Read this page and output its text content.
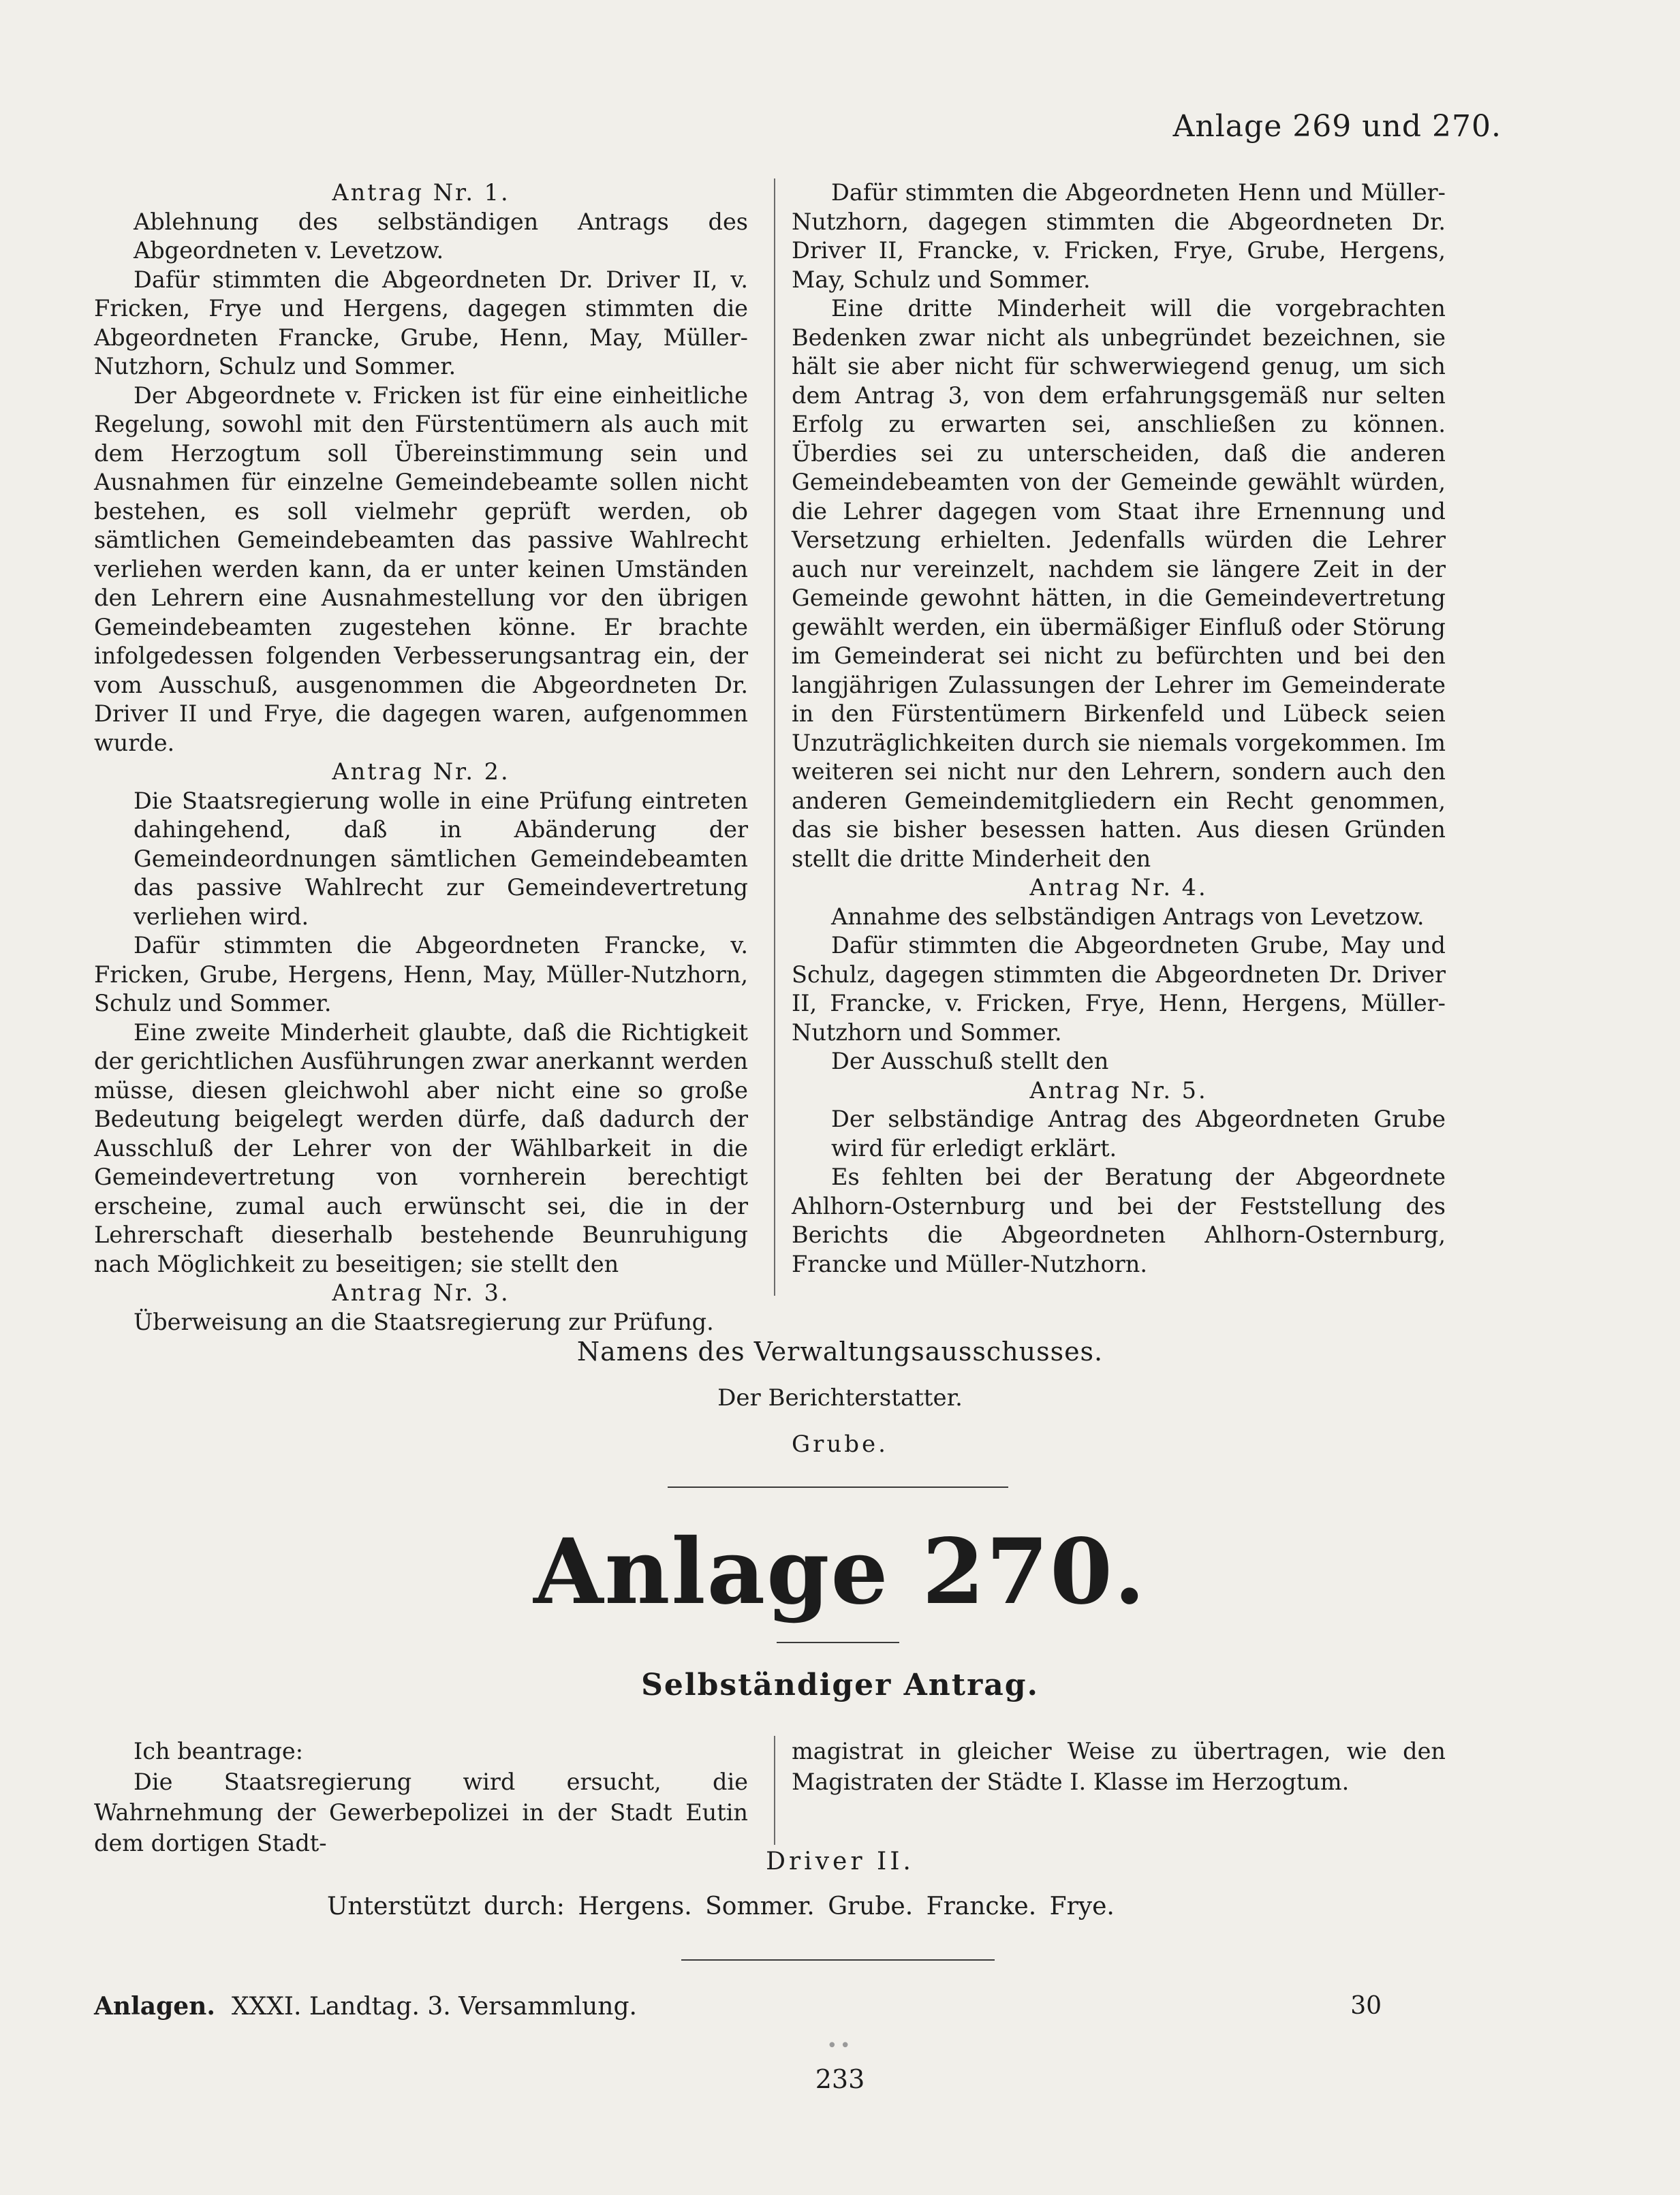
Anlage 269 und 270.

Antrag Nr. 1.

Ablehnung des selbständigen Antrags des Abgeordneten v. Levetzow.

Dafür stimmten die Abgeordneten Dr. Driver II, v. Fricken, Frye und Hergens, dagegen stimmten die Abgeordneten Francke, Grube, Henn, May, Müller-Nutzhorn, Schulz und Sommer.

Der Abgeordnete v. Fricken ist für eine einheitliche Regelung, sowohl mit den Fürstentümern als auch mit dem Herzogtum soll Übereinstimmung sein und Ausnahmen für einzelne Gemeindebeamte sollen nicht bestehen, es soll vielmehr geprüft werden, ob sämtlichen Gemeindebeamten das passive Wahlrecht verliehen werden kann, da er unter keinen Umständen den Lehrern eine Ausnahmestellung vor den übrigen Gemeindebeamten zugestehen könne. Er brachte infolgedessen folgenden Verbesserungsantrag ein, der vom Ausschuß, ausgenommen die Abgeordneten Dr. Driver II und Frye, die dagegen waren, aufgenommen wurde.

Antrag Nr. 2.

Die Staatsregierung wolle in eine Prüfung eintreten dahingehend, daß in Abänderung der Gemeindeordnungen sämtlichen Gemeindebeamten das passive Wahlrecht zur Gemeindevertretung verliehen wird.

Dafür stimmten die Abgeordneten Francke, v. Fricken, Grube, Hergens, Henn, May, Müller-Nutzhorn, Schulz und Sommer.

Eine zweite Minderheit glaubte, daß die Richtigkeit der gerichtlichen Ausführungen zwar anerkannt werden müsse, diesen gleichwohl aber nicht eine so große Bedeutung beigelegt werden dürfe, daß dadurch der Ausschluß der Lehrer von der Wählbarkeit in die Gemeindevertretung von vornherein berechtigt erscheine, zumal auch erwünscht sei, die in der Lehrerschaft dieserhalb bestehende Beunruhigung nach Möglichkeit zu beseitigen; sie stellt den

Antrag Nr. 3.

Überweisung an die Staatsregierung zur Prüfung.

Dafür stimmten die Abgeordneten Henn und Müller-Nutzhorn, dagegen stimmten die Abgeordneten Dr. Driver II, Francke, v. Fricken, Frye, Grube, Hergens, May, Schulz und Sommer.

Eine dritte Minderheit will die vorgebrachten Bedenken zwar nicht als unbegründet bezeichnen, sie hält sie aber nicht für schwerwiegend genug, um sich dem Antrag 3, von dem erfahrungsgemäß nur selten Erfolg zu erwarten sei, anschließen zu können. Überdies sei zu unterscheiden, daß die anderen Gemeindebeamten von der Gemeinde gewählt würden, die Lehrer dagegen vom Staat ihre Ernennung und Versetzung erhielten. Jedenfalls würden die Lehrer auch nur vereinzelt, nachdem sie längere Zeit in der Gemeinde gewohnt hätten, in die Gemeindevertretung gewählt werden, ein übermäßiger Einfluß oder Störung im Gemeinderat sei nicht zu befürchten und bei den langjährigen Zulassungen der Lehrer im Gemeinderate in den Fürstentümern Birkenfeld und Lübeck seien Unzuträglichkeiten durch sie niemals vorgekommen. Im weiteren sei nicht nur den Lehrern, sondern auch den anderen Gemeindemitgliedern ein Recht genommen, das sie bisher besessen hatten. Aus diesen Gründen stellt die dritte Minderheit den

Antrag Nr. 4.

Annahme des selbständigen Antrags von Levetzow.

Dafür stimmten die Abgeordneten Grube, May und Schulz, dagegen stimmten die Abgeordneten Dr. Driver II, Francke, v. Fricken, Frye, Henn, Hergens, Müller-Nutzhorn und Sommer.

Der Ausschuß stellt den

Antrag Nr. 5.

Der selbständige Antrag des Abgeordneten Grube wird für erledigt erklärt.

Es fehlten bei der Beratung der Abgeordnete Ahlhorn-Osternburg und bei der Feststellung des Berichts die Abgeordneten Ahlhorn-Osternburg, Francke und Müller-Nutzhorn.

Namens des Verwaltungsausschusses.
Der Berichterstatter.
Grube.
Anlage 270.
Selbständiger Antrag.

Ich beantrage:

Die Staatsregierung wird ersucht, die Wahrnehmung der Gewerbepolizei in der Stadt Eutin dem dortigen Stadt-

magistrat in gleicher Weise zu übertragen, wie den Magistraten der Städte I. Klasse im Herzogtum.

Driver II.
Unterstützt durch: Hergens. Sommer. Grube. Francke. Frye.
Anlagen. XXXI. Landtag. 3. Versammlung.	30
••
233
